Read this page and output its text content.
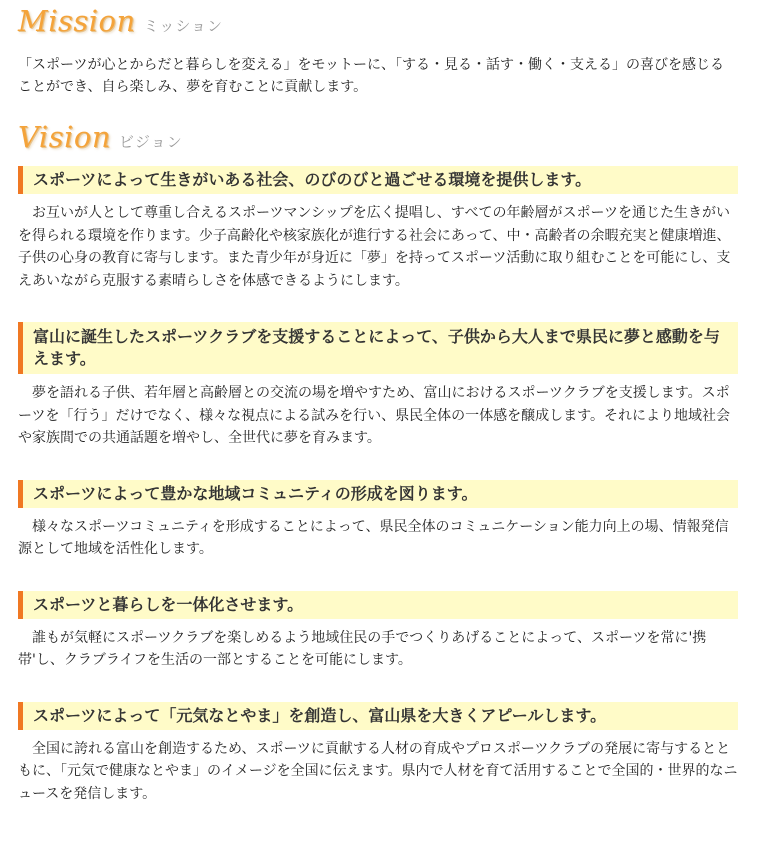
Mission ミッション

「スポーツが心とからだと暮らしを変える」をモットーに、「する・見る・話す・働く・支える」の喜びを感じることができ、自ら楽しみ、夢を育むことに貢献します。

Vision ビジョン
スポーツによって生きがいある社会、のびのびと過ごせる環境を提供します。

お互いが人として尊重し合えるスポーツマンシップを広く提唱し、すべての年齢層がスポーツを通じた生きがいを得られる環境を作ります。少子高齢化や核家族化が進行する社会にあって、中・高齢者の余暇充実と健康増進、子供の心身の教育に寄与します。また青少年が身近に「夢」を持ってスポーツ活動に取り組むことを可能にし、支えあいながら克服する素晴らしさを体感できるようにします。

富山に誕生したスポーツクラブを支援することによって、子供から大人まで県民に夢と感動を与えます。

夢を語れる子供、若年層と高齢層との交流の場を増やすため、富山におけるスポーツクラブを支援します。スポーツを「行う」だけでなく、様々な視点による試みを行い、県民全体の一体感を醸成します。それにより地域社会や家族間での共通話題を増やし、全世代に夢を育みます。

スポーツによって豊かな地域コミュニティの形成を図ります。

様々なスポーツコミュニティを形成することによって、県民全体のコミュニケーション能力向上の場、情報発信源として地域を活性化します。

スポーツと暮らしを一体化させます。

誰もが気軽にスポーツクラブを楽しめるよう地域住民の手でつくりあげることによって、スポーツを常に'携帯'し、クラブライフを生活の一部とすることを可能にします。

スポーツによって「元気なとやま」を創造し、富山県を大きくアピールします。

全国に誇れる富山を創造するため、スポーツに貢献する人材の育成やプロスポーツクラブの発展に寄与するとともに、「元気で健康なとやま」のイメージを全国に伝えます。県内で人材を育て活用することで全国的・世界的なニュースを発信します。
